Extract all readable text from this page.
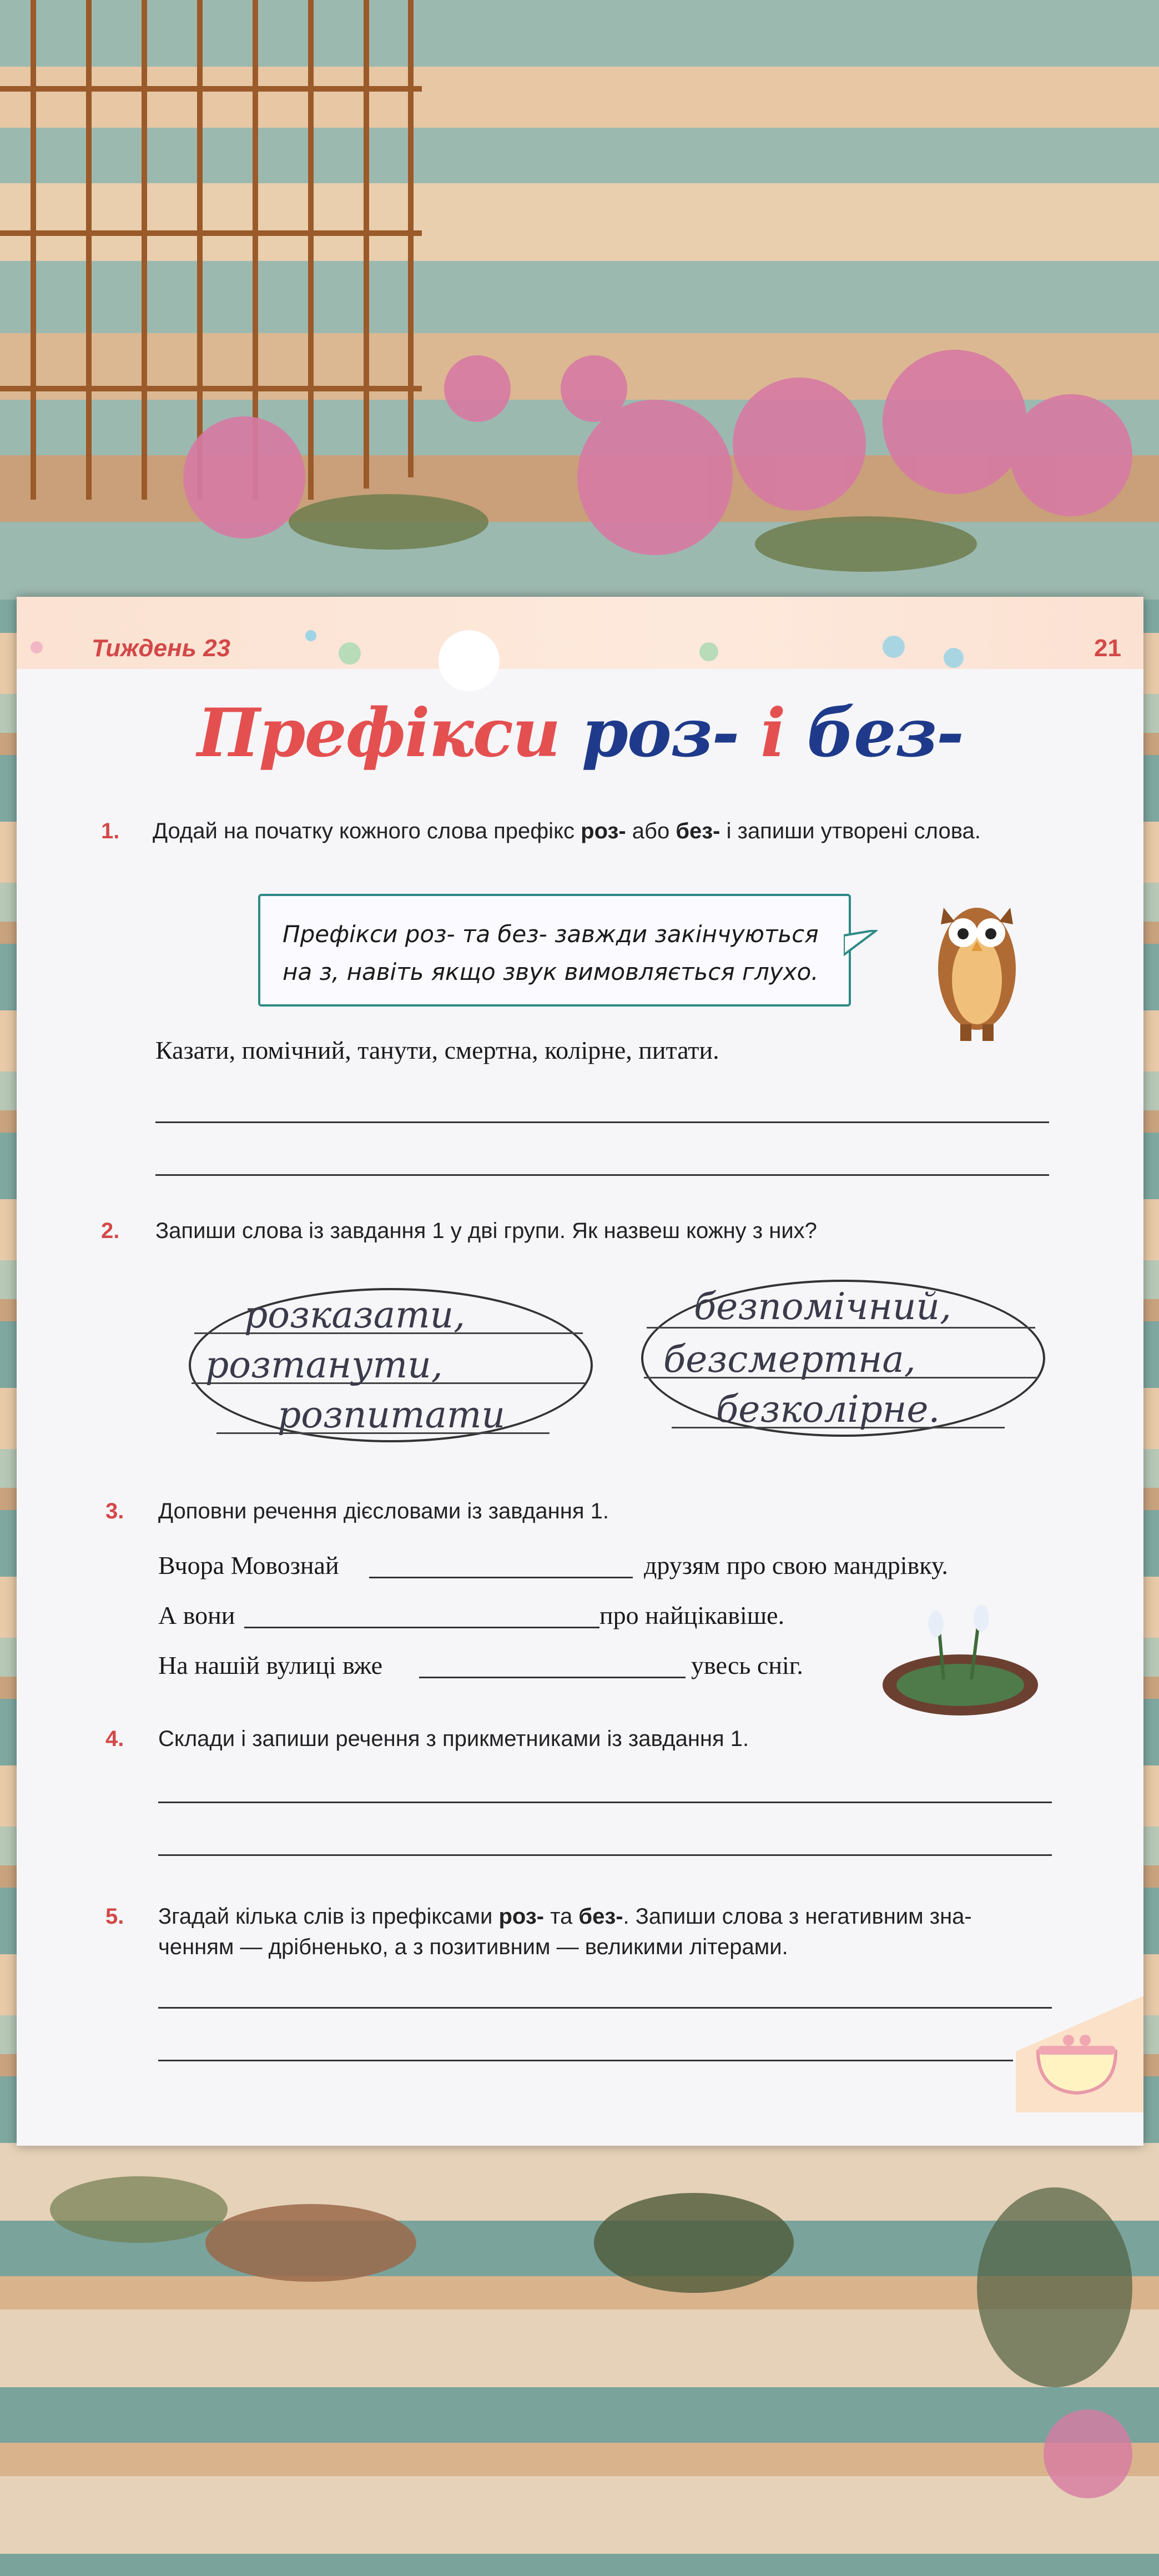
Тиждень 23	21
Префікси роз- і без-
1. Додай на початку кожного слова префікс роз- або без- і запиши утворені слова.
Префікси роз- та без- завжди закінчуються
на з, навіть якщо звук вимовляється глухо.
Казати, помічний, танути, смертна, колірне, питати.
2. Запиши слова із завдання 1 у дві групи. Як назвеш кожну з них?
розказати,
розтанути,
розпитати
безпомічний,
безсмертна,
безколірне.
3. Доповни речення дієсловами із завдання 1.
Вчора Мовознай	друзям про свою мандрівку.
А вони	про найцікавіше.
На нашій вулиці вже	увесь сніг.
4. Склади і запиши речення з прикметниками із завдання 1.
5. Згадай кілька слів із префіксами роз- та без-. Запиши слова з негативним зна-
ченням — дрібненько, а з позитивним — великими літерами.
